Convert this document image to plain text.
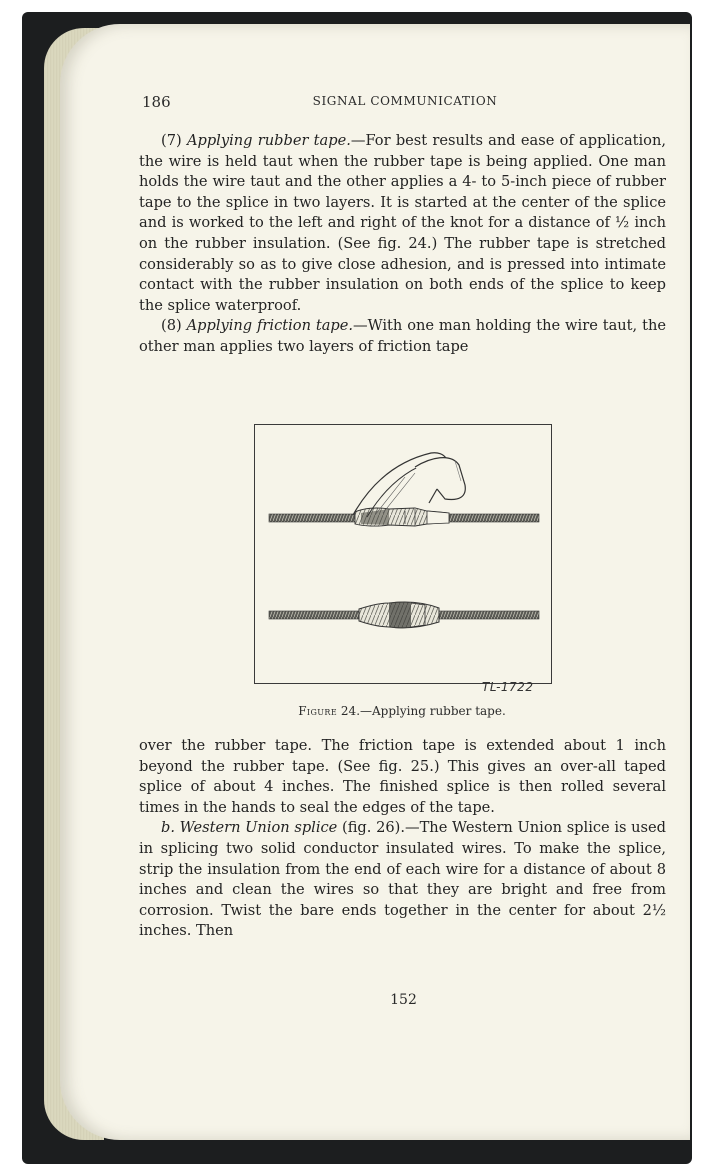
186	SIGNAL COMMUNICATION

(7) Applying rubber tape.—For best results and ease of application, the wire is held taut when the rubber tape is being applied. One man holds the wire taut and the other applies a 4- to 5-inch piece of rubber tape to the splice in two layers. It is started at the center of the splice and is worked to the left and right of the knot for a distance of ½ inch on the rubber insulation. (See fig. 24.) The rubber tape is stretched considerably so as to give close adhesion, and is pressed into intimate contact with the rubber insulation on both ends of the splice to keep the splice waterproof.

(8) Applying friction tape.—With one man holding the wire taut, the other man applies two layers of friction tape

TL-1722
Figure 24.—Applying rubber tape.

over the rubber tape. The friction tape is extended about 1 inch beyond the rubber tape. (See fig. 25.) This gives an over-all taped splice of about 4 inches. The finished splice is then rolled several times in the hands to seal the edges of the tape.

b. Western Union splice (fig. 26).—The Western Union splice is used in splicing two solid conductor insulated wires. To make the splice, strip the insulation from the end of each wire for a distance of about 8 inches and clean the wires so that they are bright and free from corrosion. Twist the bare ends together in the center for about 2½ inches. Then

152
